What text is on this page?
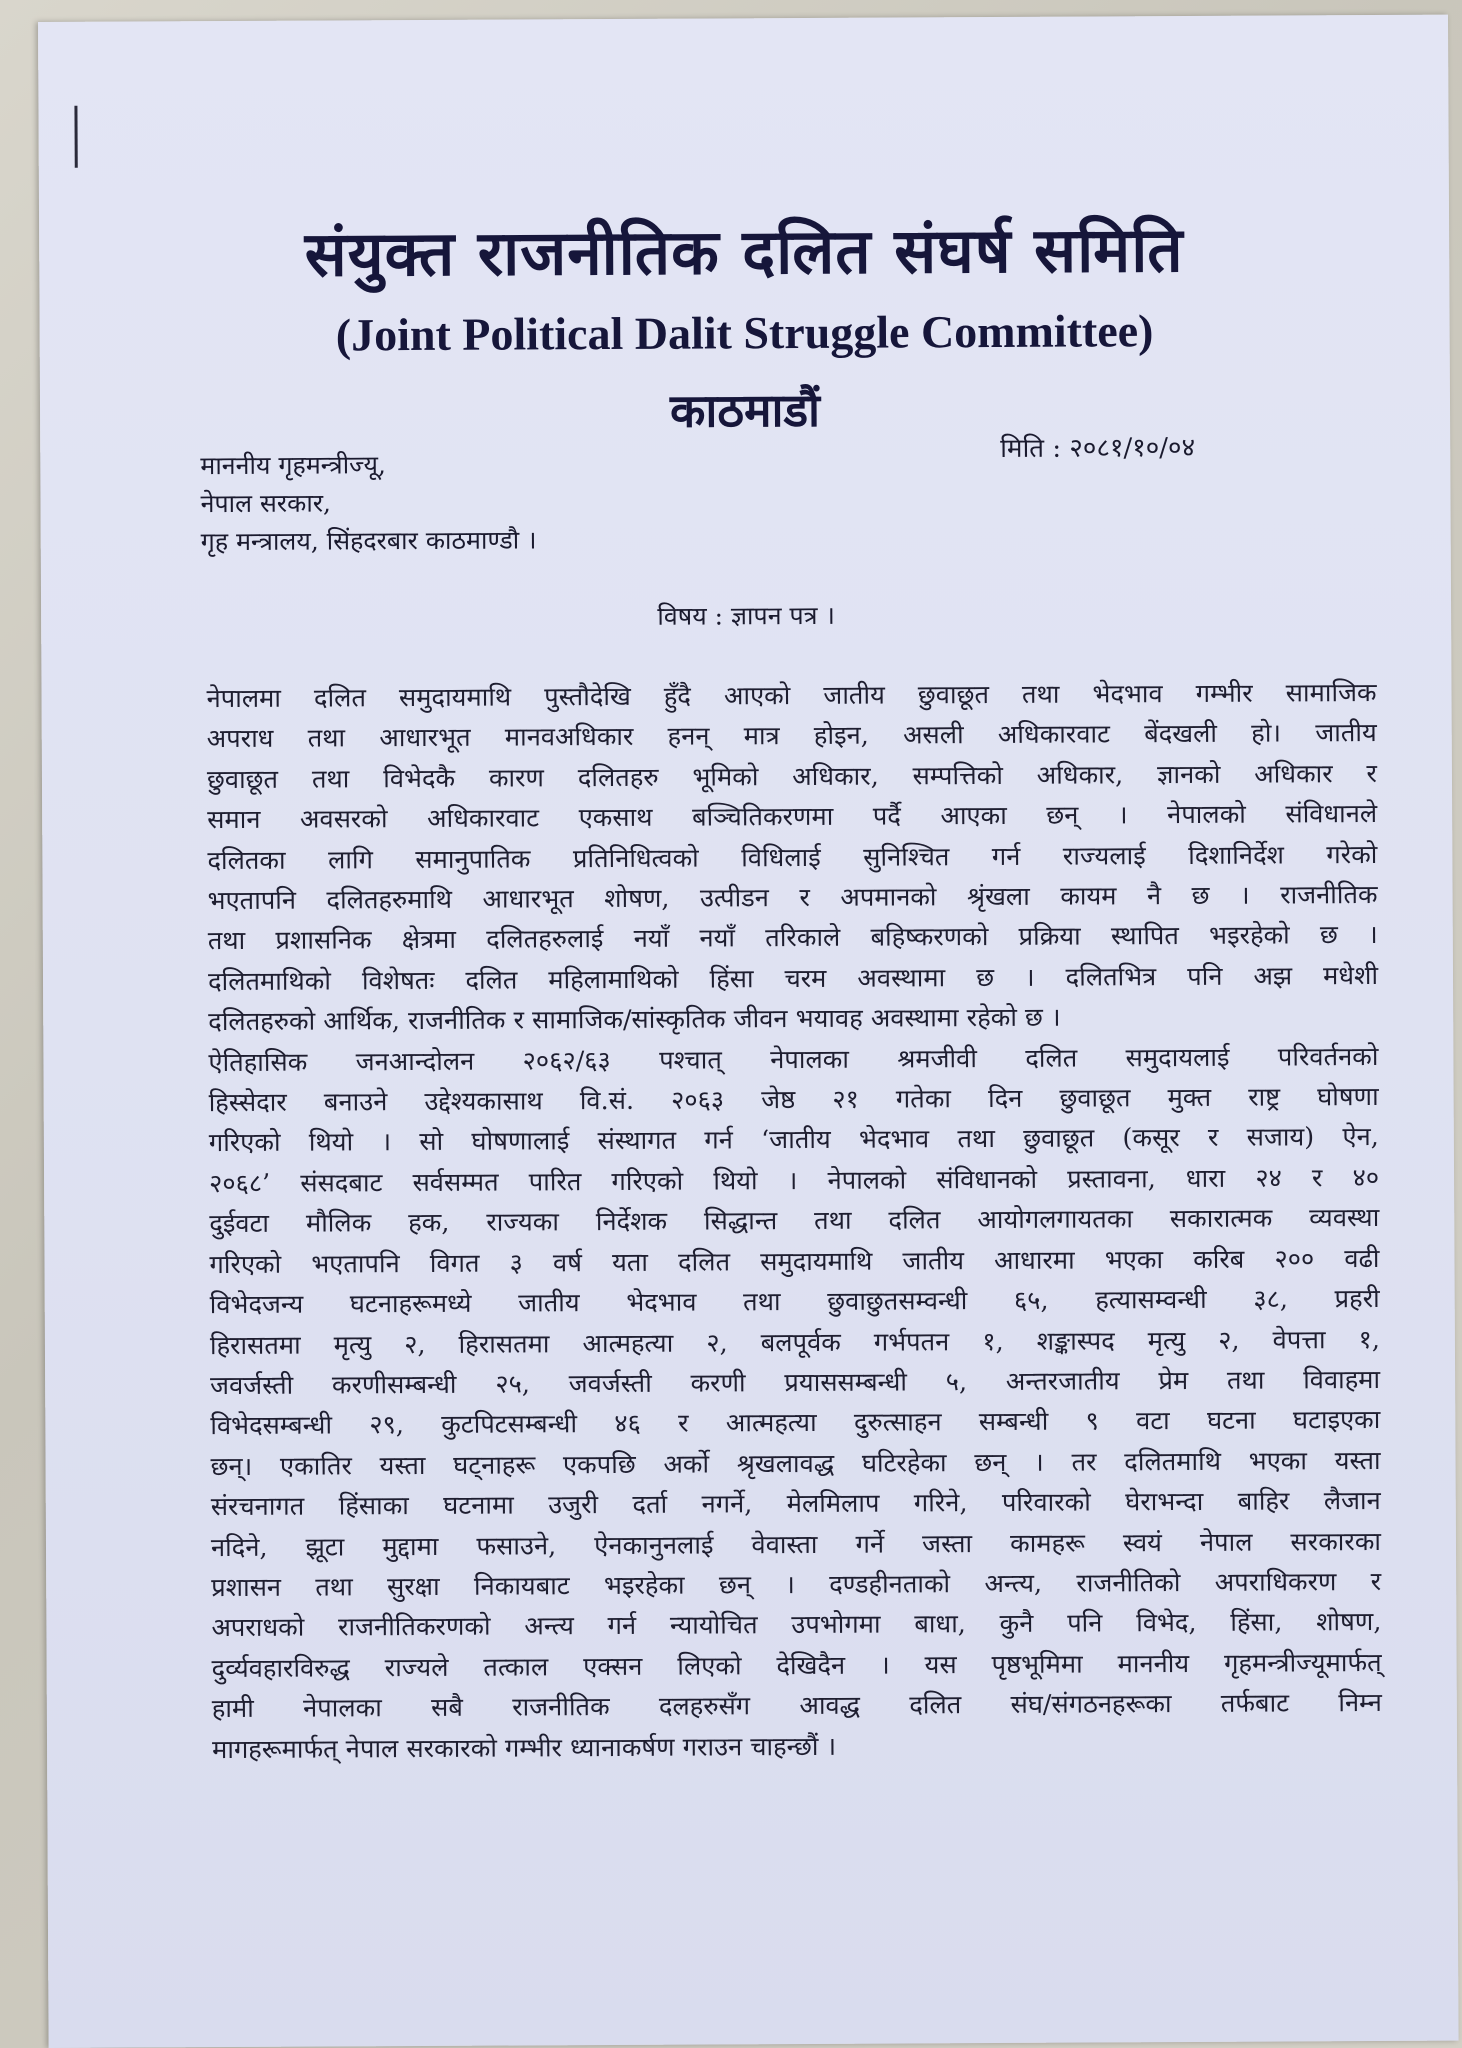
संयुक्त राजनीतिक दलित संघर्ष समिति
(Joint Political Dalit Struggle Committee)
काठमाडौं
मिति : २०८१/१०/०४
माननीय गृहमन्त्रीज्यू,
नेपाल सरकार,
गृह मन्त्रालय, सिंहदरबार काठमाण्डौ ।
विषय : ज्ञापन पत्र ।
नेपालमा दलित समुदायमाथि पुस्तौदेखि हुँदै आएको जातीय छुवाछूत तथा भेदभाव गम्भीर सामाजिक
अपराध तथा आधारभूत मानवअधिकार हनन् मात्र होइन, असली अधिकारवाट बेंदखली हो। जातीय
छुवाछूत तथा विभेदकै कारण दलितहरु भूमिको अधिकार, सम्पत्तिको अधिकार, ज्ञानको अधिकार र
समान अवसरको अधिकारवाट एकसाथ बञ्चितिकरणमा पर्दै आएका छन् । नेपालको संविधानले
दलितका लागि समानुपातिक प्रतिनिधित्वको विधिलाई सुनिश्चित गर्न राज्यलाई दिशानिर्देश गरेको
भएतापनि दलितहरुमाथि आधारभूत शोषण, उत्पीडन र अपमानको श्रृंखला कायम नै छ । राजनीतिक
तथा प्रशासनिक क्षेत्रमा दलितहरुलाई नयाँ नयाँ तरिकाले बहिष्करणको प्रक्रिया स्थापित भइरहेको छ ।
दलितमाथिको विशेषतः दलित महिलामाथिको हिंसा चरम अवस्थामा छ । दलितभित्र पनि अझ मधेशी
दलितहरुको आर्थिक, राजनीतिक र सामाजिक/सांस्कृतिक जीवन भयावह अवस्थामा रहेको छ ।
ऐतिहासिक जनआन्दोलन २०६२/६३ पश्चात् नेपालका श्रमजीवी दलित समुदायलाई परिवर्तनको
हिस्सेदार बनाउने उद्देश्यकासाथ वि.सं. २०६३ जेष्ठ २१ गतेका दिन छुवाछूत मुक्त राष्ट्र घोषणा
गरिएको थियो । सो घोषणालाई संस्थागत गर्न ‘जातीय भेदभाव तथा छुवाछूत (कसूर र सजाय) ऐन,
२०६८’ संसदबाट सर्वसम्मत पारित गरिएको थियो । नेपालको संविधानको प्रस्तावना, धारा २४ र ४०
दुईवटा मौलिक हक, राज्यका निर्देशक सिद्धान्त तथा दलित आयोगलगायतका सकारात्मक व्यवस्था
गरिएको भएतापनि विगत ३ वर्ष यता दलित समुदायमाथि जातीय आधारमा भएका करिब २०० वढी
विभेदजन्य घटनाहरूमध्ये जातीय भेदभाव तथा छुवाछुतसम्वन्धी ६५, हत्यासम्वन्धी ३८, प्रहरी
हिरासतमा मृत्यु २, हिरासतमा आत्महत्या २, बलपूर्वक गर्भपतन १, शङ्कास्पद मृत्यु २, वेपत्ता १,
जवर्जस्ती करणीसम्बन्धी २५, जवर्जस्ती करणी प्रयाससम्बन्धी ५, अन्तरजातीय प्रेम तथा विवाहमा
विभेदसम्बन्धी २९, कुटपिटसम्बन्धी ४६ र आत्महत्या दुरुत्साहन सम्बन्धी ९ वटा घटना घटाइएका
छन्। एकातिर यस्ता घट्नाहरू एकपछि अर्को श्रृखलावद्ध घटिरहेका छन् । तर दलितमाथि भएका यस्ता
संरचनागत हिंसाका घटनामा उजुरी दर्ता नगर्ने, मेलमिलाप गरिने, परिवारको घेराभन्दा बाहिर लैजान
नदिने, झूटा मुद्दामा फसाउने, ऐनकानुनलाई वेवास्ता गर्ने जस्ता कामहरू स्वयं नेपाल सरकारका
प्रशासन तथा सुरक्षा निकायबाट भइरहेका छन् । दण्डहीनताको अन्त्य, राजनीतिको अपराधिकरण र
अपराधको राजनीतिकरणको अन्त्य गर्न न्यायोचित उपभोगमा बाधा, कुनै पनि विभेद, हिंसा, शोषण,
दुर्व्यवहारविरुद्ध राज्यले तत्काल एक्सन लिएको देखिदैन । यस पृष्ठभूमिमा माननीय गृहमन्त्रीज्यूमार्फत्
हामी नेपालका सबै राजनीतिक दलहरुसँग आवद्ध दलित संघ/संगठनहरूका तर्फबाट निम्न
मागहरूमार्फत् नेपाल सरकारको गम्भीर ध्यानाकर्षण गराउन चाहन्छौं ।
